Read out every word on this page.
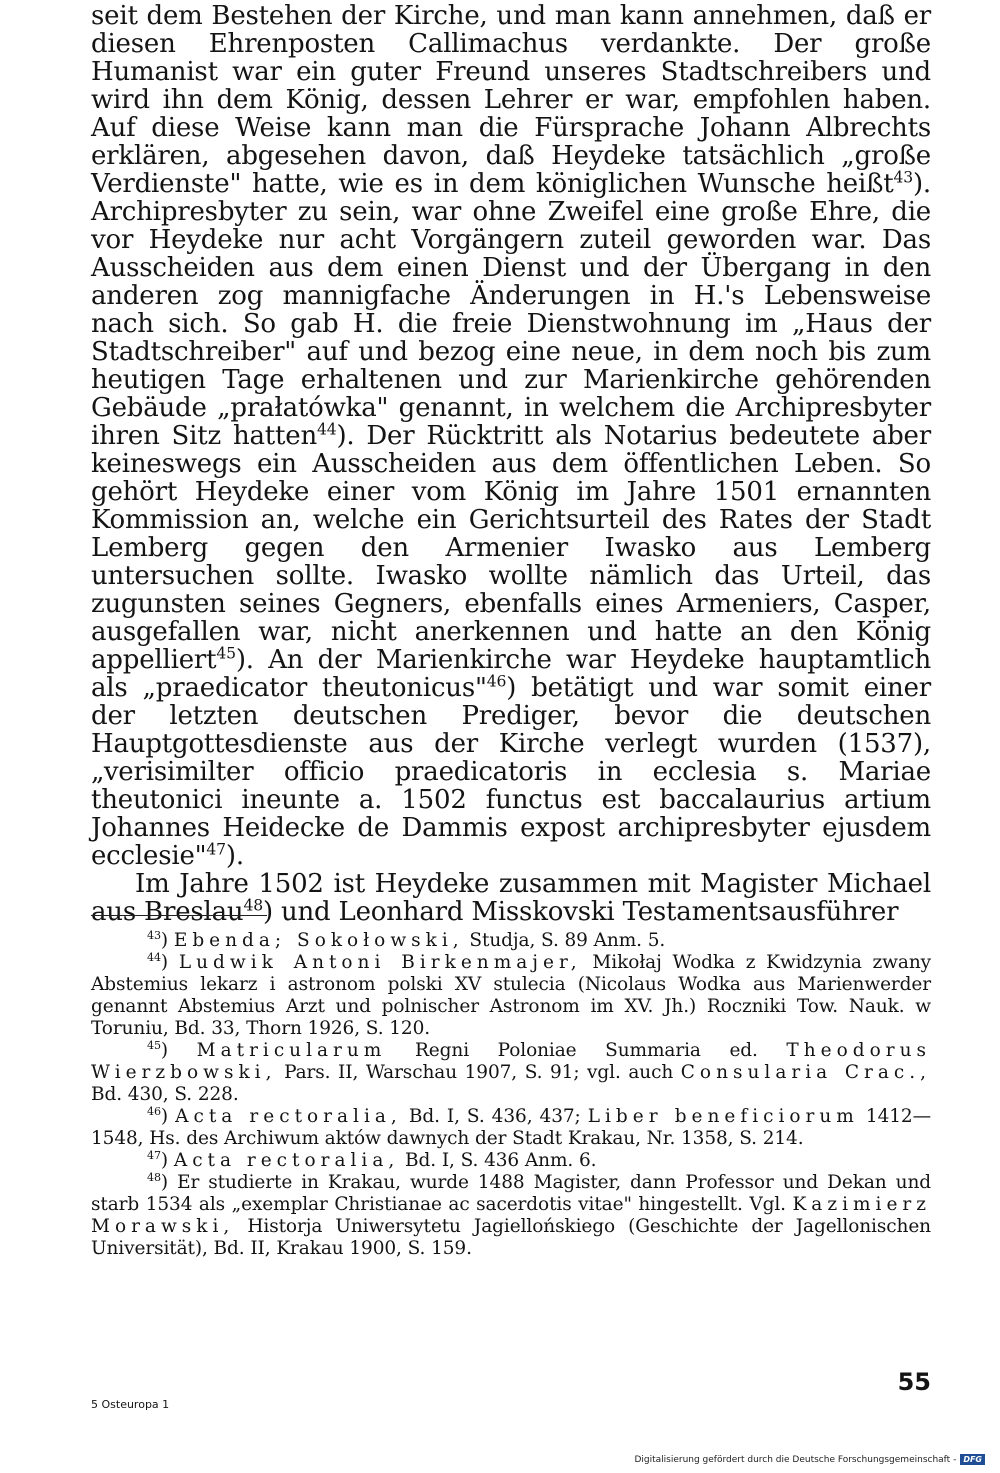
seit dem Bestehen der Kirche, und man kann annehmen, daß er diesen Ehrenposten Callimachus verdankte. Der große Humanist war ein guter Freund unseres Stadtschreibers und wird ihn dem König, dessen Lehrer er war, empfohlen haben. Auf diese Weise kann man die Fürsprache Johann Albrechts erklären, abgesehen davon, daß Heydeke tatsächlich „große Verdienste" hatte, wie es in dem königlichen Wunsche heißt$^{43}$). Archipresbyter zu sein, war ohne Zweifel eine große Ehre, die vor Heydeke nur acht Vorgängern zuteil geworden war. Das Ausscheiden aus dem einen Dienst und der Übergang in den anderen zog mannigfache Änderungen in H.'s Lebensweise nach sich. So gab H. die freie Dienstwohnung im „Haus der Stadtschreiber" auf und bezog eine neue, in dem noch bis zum heutigen Tage erhaltenen und zur Marienkirche gehörenden Gebäude „prałatówka" genannt, in welchem die Archipresbyter ihren Sitz hatten$^{44}$). Der Rücktritt als Notarius bedeutete aber keineswegs ein Ausscheiden aus dem öffentlichen Leben. So gehört Heydeke einer vom König im Jahre 1501 ernannten Kommission an, welche ein Gerichtsurteil des Rates der Stadt Lemberg gegen den Armenier Iwasko aus Lemberg untersuchen sollte. Iwasko wollte nämlich das Urteil, das zugunsten seines Gegners, ebenfalls eines Armeniers, Casper, ausgefallen war, nicht anerkennen und hatte an den König appelliert$^{45}$). An der Marienkirche war Heydeke hauptamtlich als „praedicator theutonicus"$^{46}$) betätigt und war somit einer der letzten deutschen Prediger, bevor die deutschen Hauptgottesdienste aus der Kirche verlegt wurden (1537), „verisimilter officio praedicatoris in ecclesia s. Mariae theutonici ineunte a. 1502 functus est baccalaurius artium Johannes Heidecke de Dammis expost archipresbyter ejusdem ecclesie"$^{47}$).

Im Jahre 1502 ist Heydeke zusammen mit Magister Michael aus Breslau$^{48}$) und Leonhard Misskovski Testamentsausführer

$^{43}$) Ebenda; Sokołowski, Studja, S. 89 Anm. 5.

$^{44}$) Ludwik Antoni Birkenmajer, Mikołaj Wodka z Kwidzynia zwany Abstemius lekarz i astronom polski XV stulecia (Nicolaus Wodka aus Marienwerder genannt Abstemius Arzt und polnischer Astronom im XV. Jh.) Roczniki Tow. Nauk. w Toruniu, Bd. 33, Thorn 1926, S. 120.

$^{45}$) Matricularum Regni Poloniae Summaria ed. Theodorus Wierzbowski, Pars. II, Warschau 1907, S. 91; vgl. auch Consularia Crac., Bd. 430, S. 228.

$^{46}$) Acta rectoralia, Bd. I, S. 436, 437; Liber beneficiorum 1412—1548, Hs. des Archiwum aktów dawnych der Stadt Krakau, Nr. 1358, S. 214.

$^{47}$) Acta rectoralia, Bd. I, S. 436 Anm. 6.

$^{48}$) Er studierte in Krakau, wurde 1488 Magister, dann Professor und Dekan und starb 1534 als „exemplar Christianae ac sacerdotis vitae" hingestellt. Vgl. Kazimierz Morawski, Historja Uniwersytetu Jagiellońskiego (Geschichte der Jagellonischen Universität), Bd. II, Krakau 1900, S. 159.

55
5 Osteuropa 1
Digitalisierung gefördert durch die Deutsche Forschungsgemeinschaft - DFG
